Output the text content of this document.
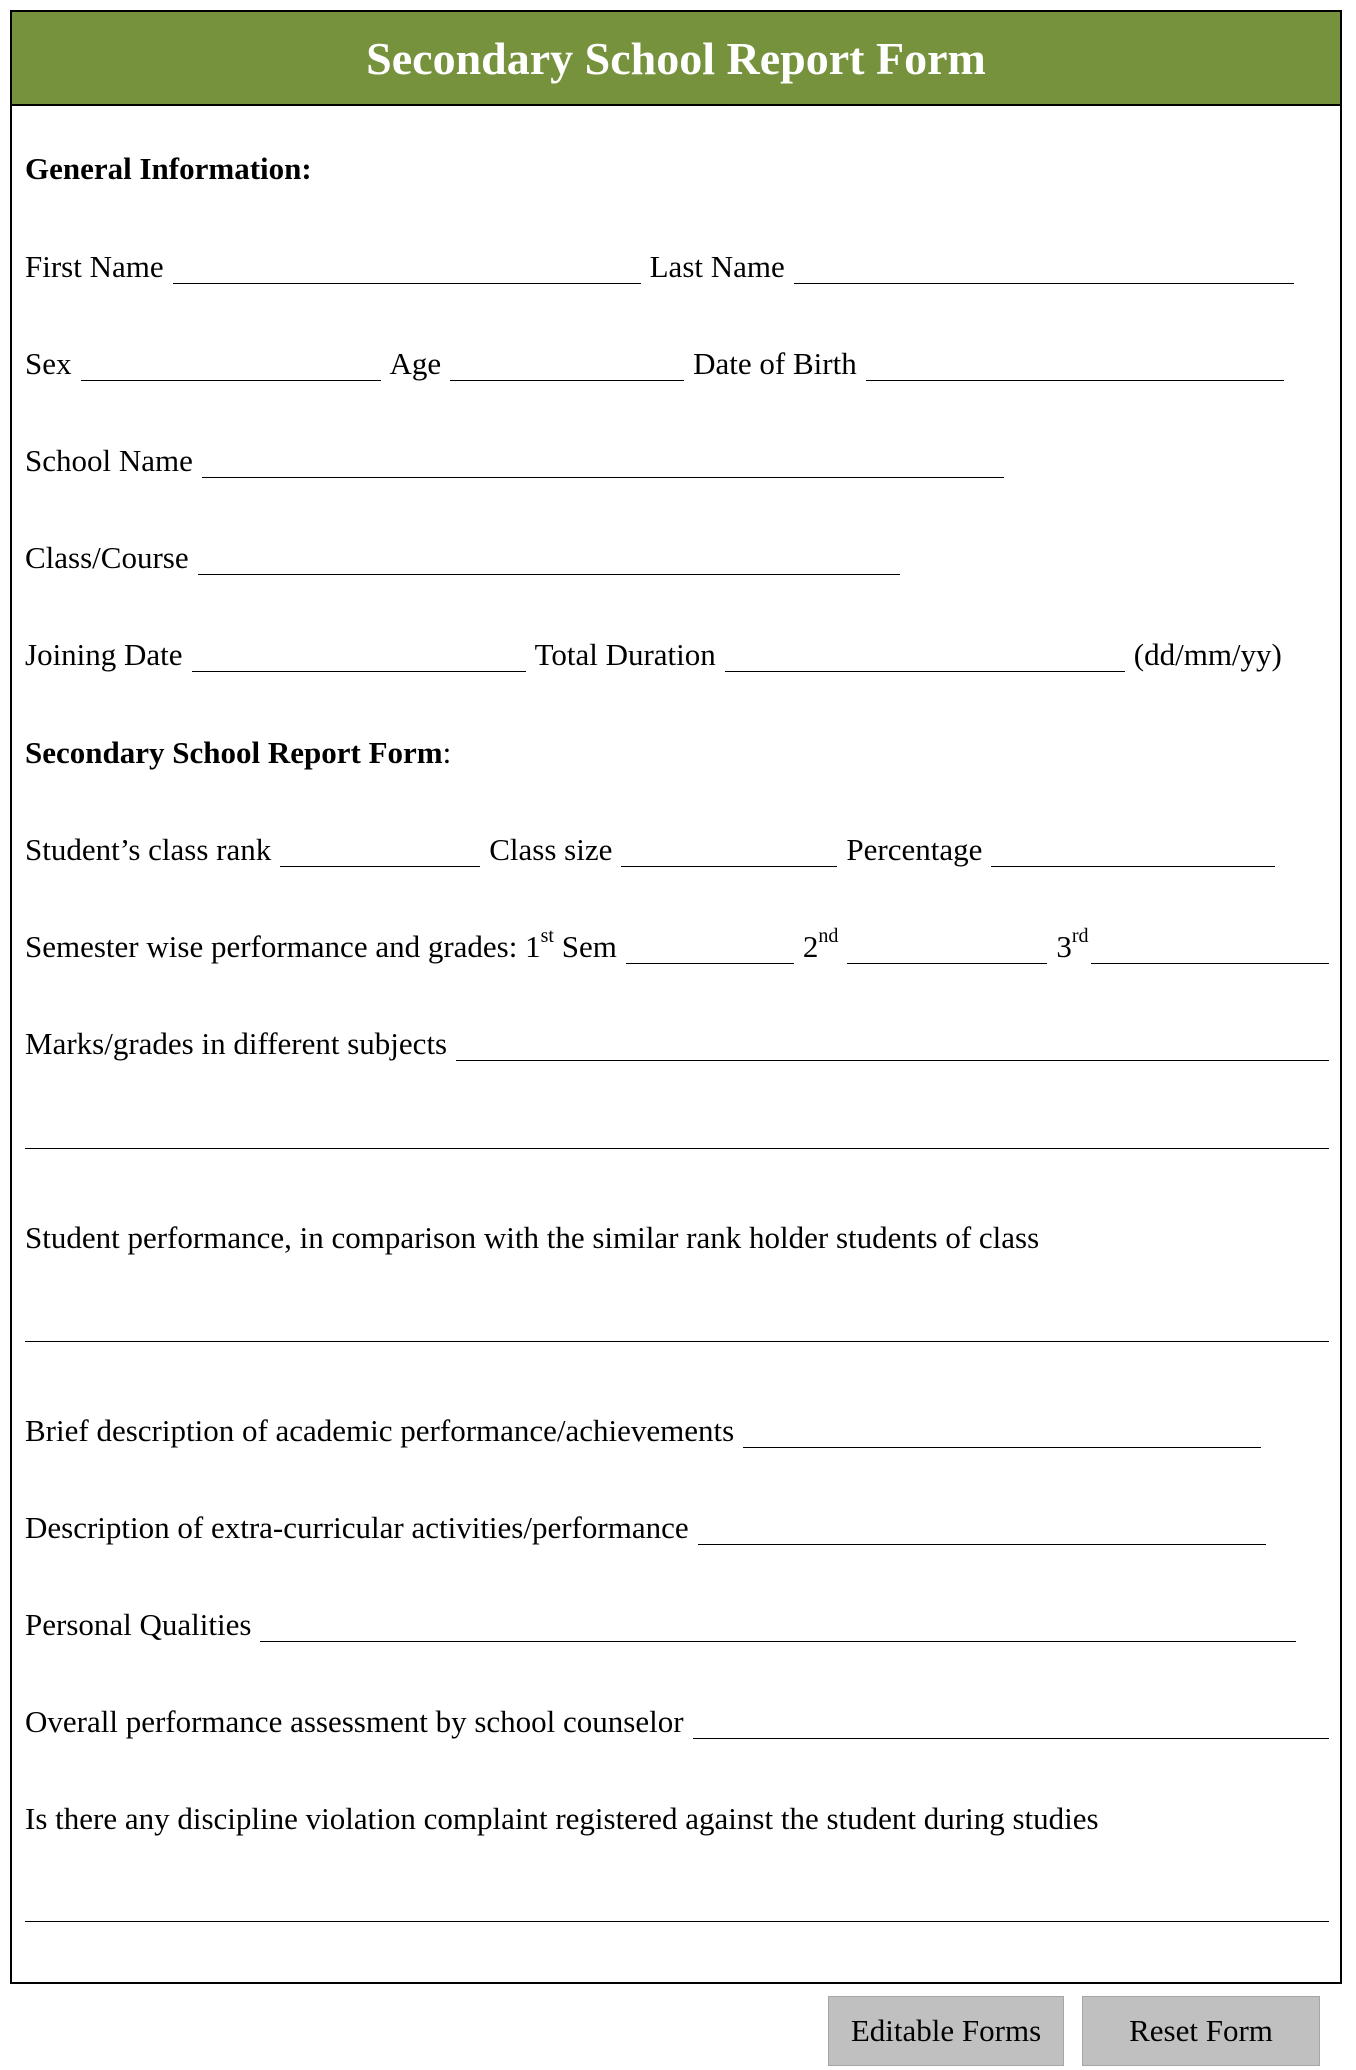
Secondary School Report Form
General Information:
First Name	Last Name
Sex	Age	Date of Birth
School Name
Class/Course
Joining Date	Total Duration	(dd/mm/yy)
Secondary School Report Form :
Student’s class rank	Class size	Percentage
Semester wise performance and grades: 1st Sem	2nd	3rd
Marks/grades in different subjects
Student performance, in comparison with the similar rank holder students of class
Brief description of academic performance/achievements
Description of extra-curricular activities/performance
Personal Qualities
Overall performance assessment by school counselor
Is there any discipline violation complaint registered against the student during studies
Editable Forms	Reset Form
